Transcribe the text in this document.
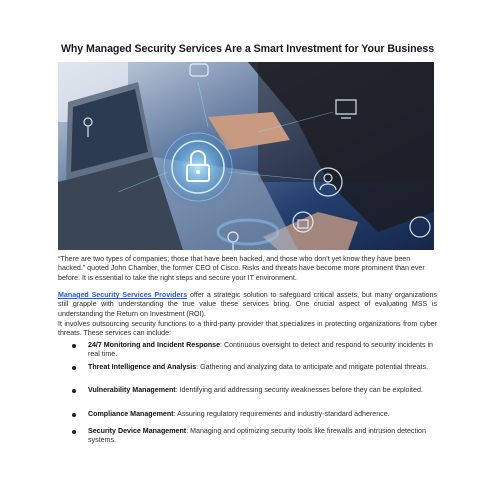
Why Managed Security Services Are a Smart Investment for Your Business

“There are two types of companies; those that have been hacked, and those who don’t yet know they have been hacked.” quoted John Chamber, the former CEO of Cisco. Risks and threats have become more prominent than ever before. It is essential to take the right steps and secure your IT environment.

Managed Security Services Providers offer a strategic solution to safeguard critical assets, but many organizations still grapple with understanding the true value these services bring. One crucial aspect of evaluating MSS is understanding the Return on Investment (ROI).

It involves outsourcing security functions to a third-party provider that specializes in protecting organizations from cyber threats. These services can include:

24/7 Monitoring and Incident Response: Continuous oversight to detect and respond to security incidents in real time.
Threat Intelligence and Analysis: Gathering and analyzing data to anticipate and mitigate potential threats.
Vulnerability Management: Identifying and addressing security weaknesses before they can be exploited.
Compliance Management: Assuring regulatory requirements and industry-standard adherence.
Security Device Management: Managing and optimizing security tools like firewalls and intrusion detection systems.
